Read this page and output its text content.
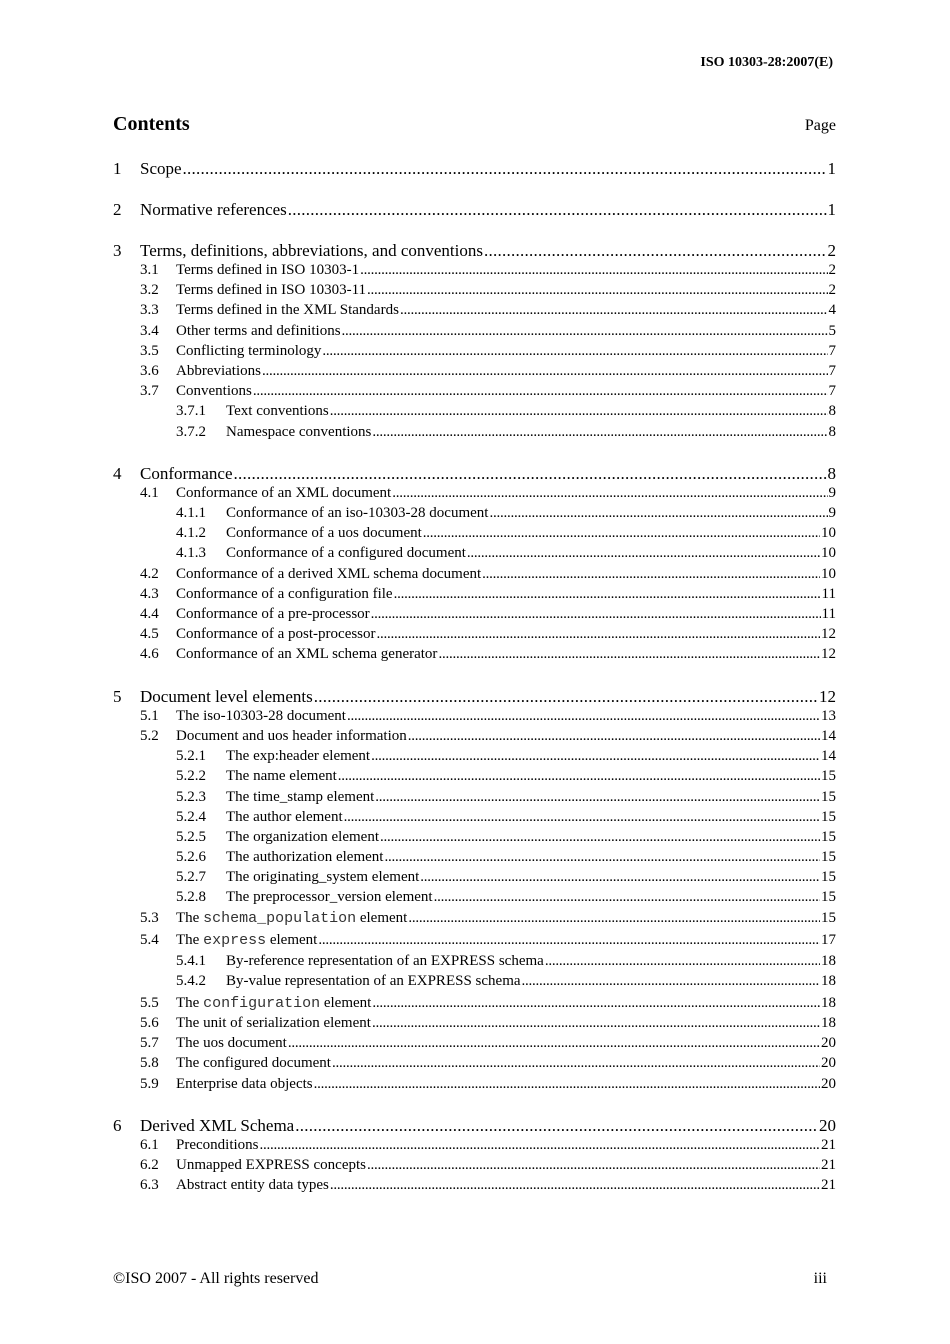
ISO 10303-28:2007(E)
Contents	Page
1	Scope . . .	1
2	Normative references . . .	1
3	Terms, definitions, abbreviations, and conventions . . .	2
3.1	Terms defined in ISO 10303-1 . . .	2
3.2	Terms defined in ISO 10303-11 . . .	2
3.3	Terms defined in the XML Standards . . .	4
3.4	Other terms and definitions . . .	5
3.5	Conflicting terminology . . .	7
3.6	Abbreviations . . .	7
3.7	Conventions . . .	7
3.7.1	Text conventions . . .	8
3.7.2	Namespace conventions . . .	8
4	Conformance . . .	8
4.1	Conformance of an XML document . . .	9
4.1.1	Conformance of an iso-10303-28 document . . .	9
4.1.2	Conformance of a uos document . . .	10
4.1.3	Conformance of a configured document . . .	10
4.2	Conformance of a derived XML schema document . . .	10
4.3	Conformance of a configuration file . . .	11
4.4	Conformance of a pre-processor . . .	11
4.5	Conformance of a post-processor . . .	12
4.6	Conformance of an XML schema generator . . .	12
5	Document level elements . . .	12
5.1	The iso-10303-28 document . . .	13
5.2	Document and uos header information . . .	14
5.2.1	The exp:header element . . .	14
5.2.2	The name element . . .	15
5.2.3	The time_stamp element . . .	15
5.2.4	The author element . . .	15
5.2.5	The organization element . . .	15
5.2.6	The authorization element . . .	15
5.2.7	The originating_system element . . .	15
5.2.8	The preprocessor_version element . . .	15
5.3	The schema_population element . . .	15
5.4	The express element . . .	17
5.4.1	By-reference representation of an EXPRESS schema . . .	18
5.4.2	By-value representation of an EXPRESS schema . . .	18
5.5	The configuration element . . .	18
5.6	The unit of serialization element . . .	18
5.7	The uos document . . .	20
5.8	The configured document . . .	20
5.9	Enterprise data objects . . .	20
6	Derived XML Schema . . .	20
6.1	Preconditions . . .	21
6.2	Unmapped EXPRESS concepts . . .	21
6.3	Abstract entity data types . . .	21
©ISO 2007 - All rights reserved	iii
